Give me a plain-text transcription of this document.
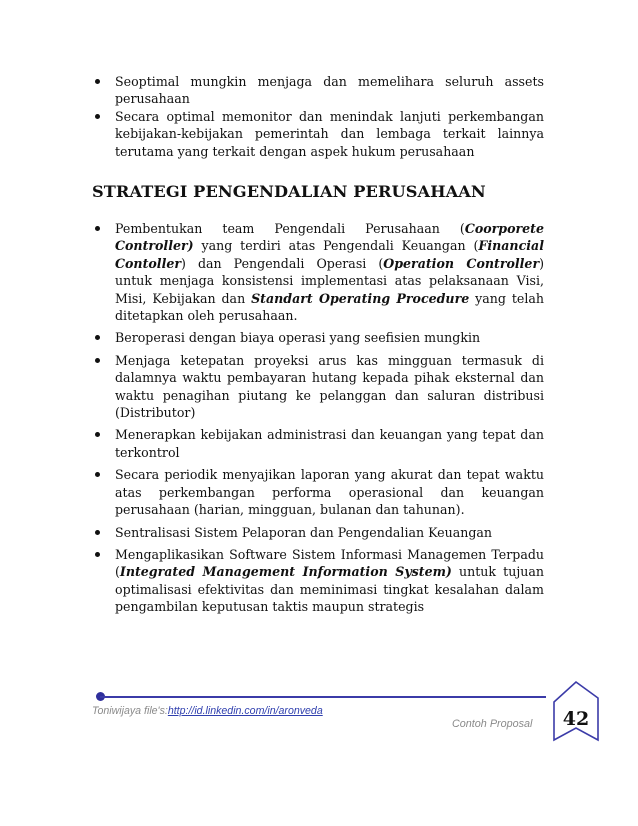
Seoptimal mungkin menjaga dan memelihara seluruh assets perusahaan
Secara optimal memonitor dan menindak lanjuti perkembangan kebijakan-kebijakan pemerintah dan lembaga terkait lainnya terutama yang terkait dengan aspek hukum perusahaan
STRATEGI PENGENDALIAN PERUSAHAAN
Pembentukan team Pengendali Perusahaan (Coorporete Controller) yang terdiri atas Pengendali Keuangan (Financial Contoller) dan Pengendali Operasi (Operation Controller) untuk menjaga konsistensi implementasi atas pelaksanaan Visi, Misi, Kebijakan dan Standart Operating Procedure yang telah ditetapkan oleh perusahaan.
Beroperasi dengan biaya operasi yang seefisien mungkin
Menjaga ketepatan proyeksi arus kas mingguan termasuk di dalamnya waktu pembayaran hutang kepada pihak eksternal dan waktu penagihan piutang ke pelanggan dan saluran distribusi (Distributor)
Menerapkan kebijakan administrasi dan keuangan yang tepat dan terkontrol
Secara periodik menyajikan laporan yang akurat dan tepat waktu atas perkembangan performa operasional dan keuangan perusahaan (harian, mingguan, bulanan dan tahunan).
Sentralisasi Sistem Pelaporan dan Pengendalian Keuangan
Mengaplikasikan Software Sistem Informasi Managemen Terpadu (Integrated Management Information System) untuk tujuan optimalisasi efektivitas dan meminimasi tingkat kesalahan dalam pengambilan keputusan taktis maupun strategis
Toniwijaya file's:http://id.linkedin.com/in/aronveda
Contoh Proposal 42
